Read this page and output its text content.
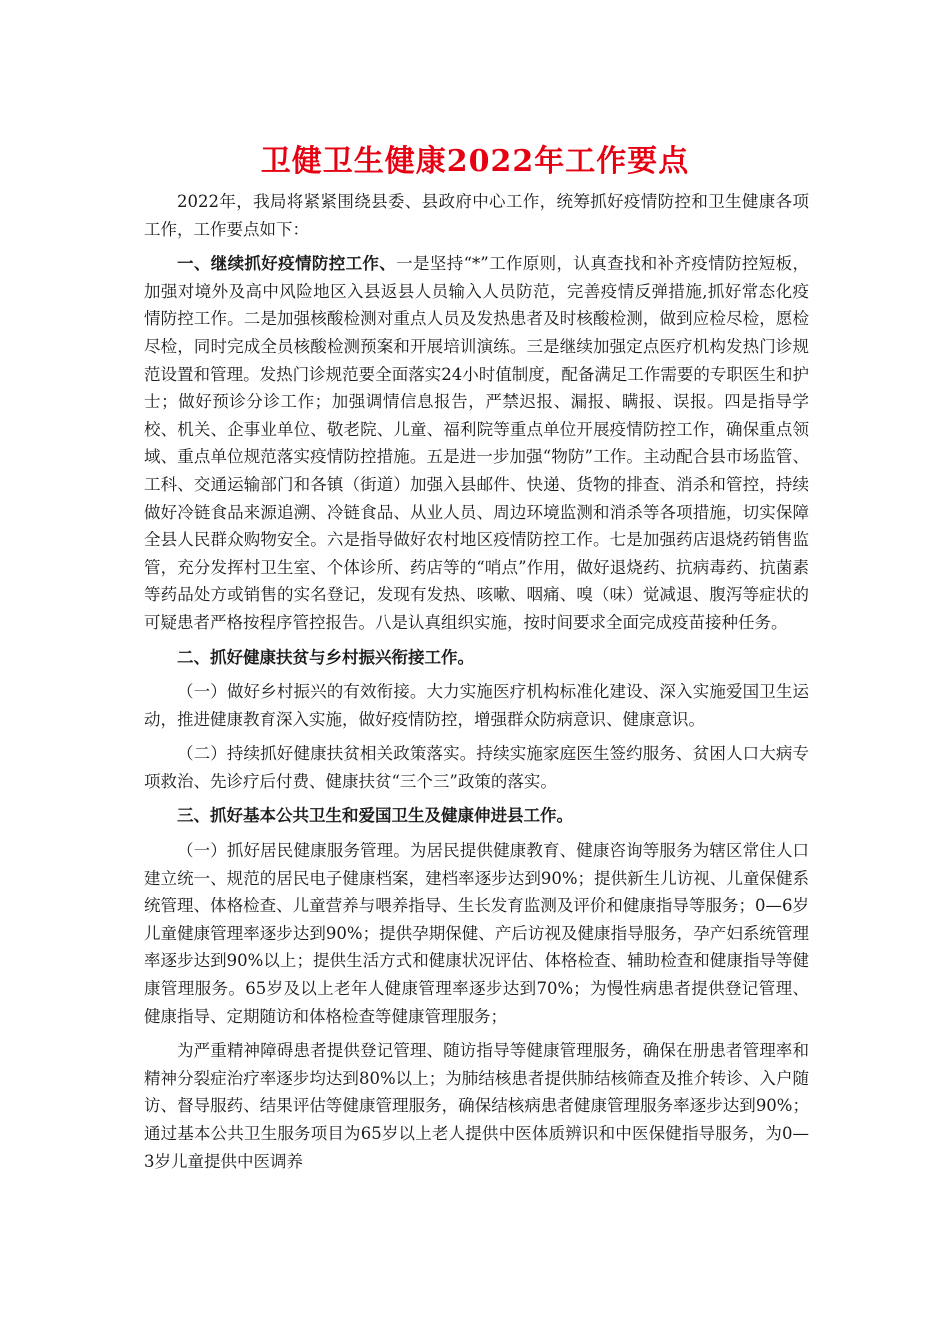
卫健卫生健康2022年工作要点

2022年，我局将紧紧围绕县委、县政府中心工作，统筹抓好疫情防控和卫生健康各项工作，工作要点如下：

一、继续抓好疫情防控工作、一是坚持“*”工作原则，认真查找和补齐疫情防控短板，加强对境外及高中风险地区入县返县人员输入人员防范，完善疫情反弹措施,抓好常态化疫情防控工作。二是加强核酸检测对重点人员及发热患者及时核酸检测，做到应检尽检，愿检尽检，同时完成全员核酸检测预案和开展培训演练。三是继续加强定点医疗机构发热门诊规范设置和管理。发热门诊规范要全面落实24小时值制度，配备满足工作需要的专职医生和护士；做好预诊分诊工作；加强调情信息报告，严禁迟报、漏报、瞒报、误报。四是指导学校、机关、企事业单位、敬老院、儿童、福利院等重点单位开展疫情防控工作，确保重点领域、重点单位规范落实疫情防控措施。五是进一步加强“物防”工作。主动配合县市场监管、工科、交通运输部门和各镇（街道）加强入县邮件、快递、货物的排查、消杀和管控，持续做好冷链食品来源追溯、冷链食品、从业人员、周边环境监测和消杀等各项措施，切实保障全县人民群众购物安全。六是指导做好农村地区疫情防控工作。七是加强药店退烧药销售监管，充分发挥村卫生室、个体诊所、药店等的“哨点”作用，做好退烧药、抗病毒药、抗菌素等药品处方或销售的实名登记，发现有发热、咳嗽、咽痛、嗅（味）觉减退、腹泻等症状的可疑患者严格按程序管控报告。八是认真组织实施，按时间要求全面完成疫苗接种任务。

二、抓好健康扶贫与乡村振兴衔接工作。

（一）做好乡村振兴的有效衔接。大力实施医疗机构标准化建设、深入实施爱国卫生运动，推进健康教育深入实施，做好疫情防控，增强群众防病意识、健康意识。

（二）持续抓好健康扶贫相关政策落实。持续实施家庭医生签约服务、贫困人口大病专项救治、先诊疗后付费、健康扶贫“三个三”政策的落实。

三、抓好基本公共卫生和爱国卫生及健康伸进县工作。

（一）抓好居民健康服务管理。为居民提供健康教育、健康咨询等服务为辖区常住人口建立统一、规范的居民电子健康档案，建档率逐步达到90%；提供新生儿访视、儿童保健系统管理、体格检查、儿童营养与喂养指导、生长发育监测及评价和健康指导等服务；0—6岁儿童健康管理率逐步达到90%；提供孕期保健、产后访视及健康指导服务，孕产妇系统管理率逐步达到90%以上；提供生活方式和健康状况评估、体格检查、辅助检查和健康指导等健康管理服务。65岁及以上老年人健康管理率逐步达到70%；为慢性病患者提供登记管理、健康指导、定期随访和体格检查等健康管理服务；

为严重精神障碍患者提供登记管理、随访指导等健康管理服务，确保在册患者管理率和精神分裂症治疗率逐步均达到80%以上；为肺结核患者提供肺结核筛查及推介转诊、入户随访、督导服药、结果评估等健康管理服务，确保结核病患者健康管理服务率逐步达到90%；通过基本公共卫生服务项目为65岁以上老人提供中医体质辨识和中医保健指导服务，为0—3岁儿童提供中医调养
